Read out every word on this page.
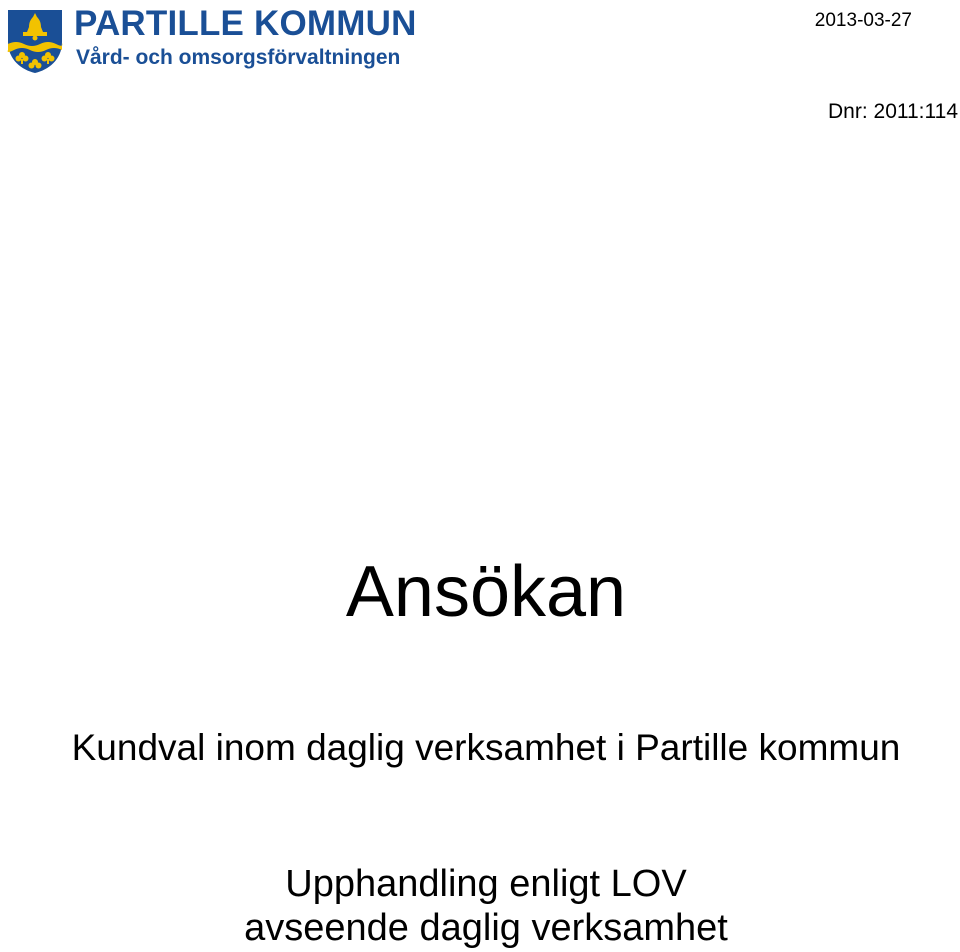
PARTILLE KOMMUN
Vård- och omsorgsförvaltningen
2013-03-27
Dnr: 2011:114
Ansökan
Kundval inom daglig verksamhet i Partille kommun
Upphandling enligt LOV
avseende daglig verksamhet
